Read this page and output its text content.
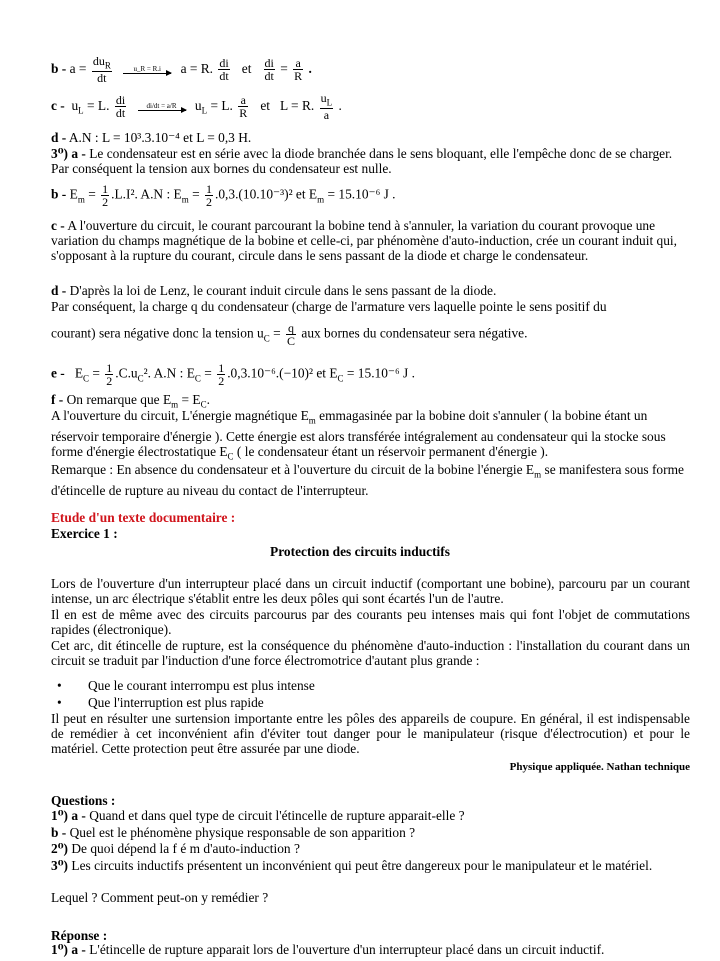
$b - a = \frac{du_R}{dt}$
	u_R = R.i	a = R. $\frac{di}{dt}$ et $\frac{di}{dt} = \frac{a}{R}$ .
$c - u_L = L$. $\frac{di}{dt}$
	di/dt = a/R	$u_L = L$. $\frac{a}{R}$ et L = R. $\frac{u_L}{a}$ .
d - A.N : L = 10³.3.10⁻⁴ et L = 0,3 H.
3⁰) a - Le condensateur est en série avec la diode branchée dans le sens bloquant, elle l'empêche donc de se charger. Par conséquent la tension aux bornes du condensateur est nulle.
$b - E_m = \frac{1}{2} .L.I^2$. A.N : $E_m = \frac{1}{2} .0,3.(10.10^{-3})^2$ et $E_m = 15.10^{-6}$ J .
c - A l'ouverture du circuit, le courant parcourant la bobine tend à s'annuler, la variation du courant provoque une variation du champs magnétique de la bobine et celle-ci, par phénomène d'auto-induction, crée un courant induit qui, s'opposant à la rupture du courant, circule dans le sens passant de la diode et charge le condensateur.
d - D'après la loi de Lenz, le courant induit circule dans le sens passant de la diode.
Par conséquent, la charge q du condensateur (charge de l'armature vers laquelle pointe le sens positif du
courant) sera négative donc la tension $u_C = \frac{q}{C}$ aux bornes du condensateur sera négative.
$e - E_C = \frac{1}{2} .C.u_C^2$. A.N : $E_C = \frac{1}{2} .0,3.10^{-6}.(-10)^2$ et $E_C = 15.10^{-6}$ J .
f - On remarque que $E_m = E_C$.
A l'ouverture du circuit, L'énergie magnétique $E_m$ emmagasinée par la bobine doit s'annuler ( la bobine étant un réservoir temporaire d'énergie ). Cette énergie est alors transférée intégralement au condensateur qui la stocke sous forme d'énergie électrostatique $E_C$ ( le condensateur étant un réservoir permanent d'énergie ).
Remarque : En absence du condensateur et à l'ouverture du circuit de la bobine l'énergie $E_m$ se manifestera sous forme d'étincelle de rupture au niveau du contact de l'interrupteur.
Etude d'un texte documentaire :
Exercice 1 :
Protection des circuits inductifs
Lors de l'ouverture d'un interrupteur placé dans un circuit inductif (comportant une bobine), parcouru par un courant intense, un arc électrique s'établit entre les deux pôles qui sont écartés l'un de l'autre.
Il en est de même avec des circuits parcourus par des courants peu intenses mais qui font l'objet de commutations rapides (électronique).
Cet arc, dit étincelle de rupture, est la conséquence du phénomène d'auto-induction : l'installation du courant dans un circuit se traduit par l'induction d'une force électromotrice d'autant plus grande :
• Que le courant interrompu est plus intense
• Que l'interruption est plus rapide
Il peut en résulter une surtension importante entre les pôles des appareils de coupure. En général, il est indispensable de remédier à cet inconvénient afin d'éviter tout danger pour le manipulateur (risque d'électrocution) et pour le matériel. Cette protection peut être assurée par une diode.
Physique appliquée. Nathan technique
Questions :
1⁰) a - Quand et dans quel type de circuit l'étincelle de rupture apparait-elle ?
b - Quel est le phénomène physique responsable de son apparition ?
2⁰) De quoi dépend la f é m d'auto-induction ?
3⁰) Les circuits inductifs présentent un inconvénient qui peut être dangereux pour le manipulateur et le matériel.
Lequel ? Comment peut-on y remédier ?
Réponse :
1⁰) a - L'étincelle de rupture apparait lors de l'ouverture d'un interrupteur placé dans un circuit inductif.
